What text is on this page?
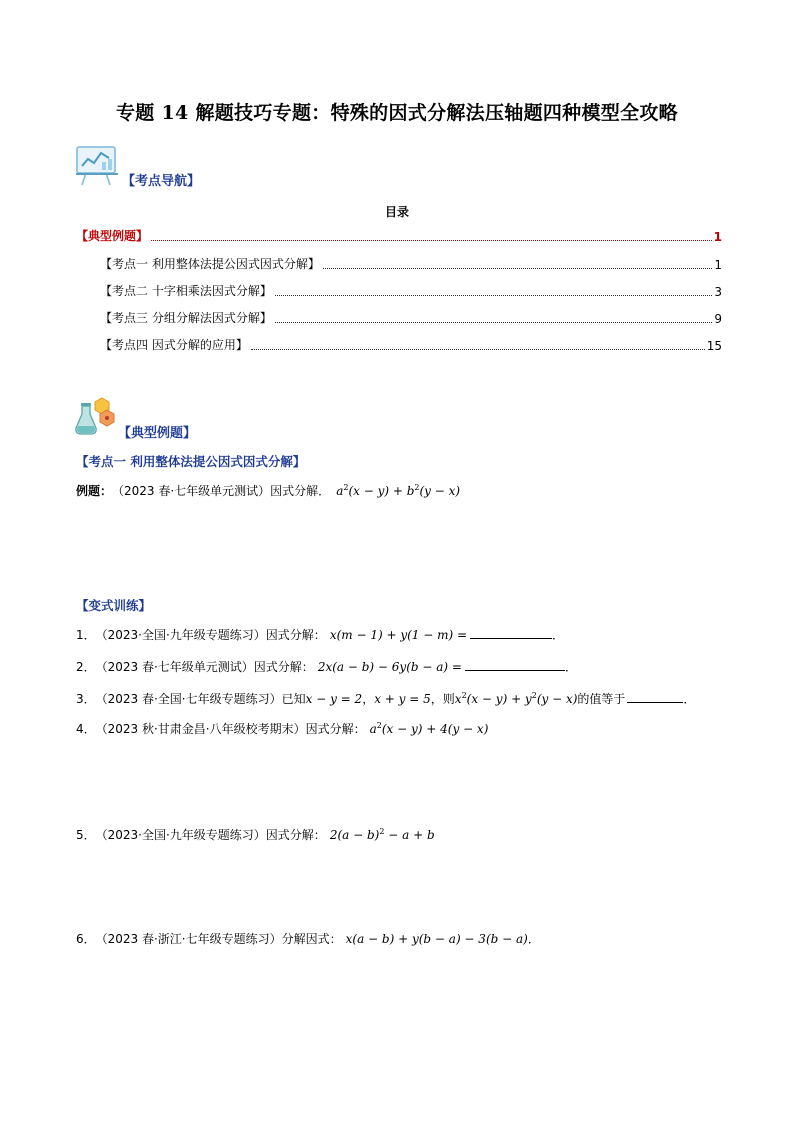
专题 14 解题技巧专题：特殊的因式分解法压轴题四种模型全攻略
【考点导航】
目录
【典型例题】	1
【考点一 利用整体法提公因式因式分解】	1
【考点二 十字相乘法因式分解】	3
【考点三 分组分解法因式分解】	9
【考点四 因式分解的应用】	15
【典型例题】
【考点一 利用整体法提公因式因式分解】
例题： （2023 春·七年级单元测试）因式分解． $a^2(x - y) + b^2(y - x)$
【变式训练】
1． （2023·全国·九年级专题练习）因式分解： x(m − 1) + y(1 − m) =	．
2． （2023 春·七年级单元测试）因式分解： 2x(a − b) − 6y(b − a) =	．
3． （2023 春·全国·七年级专题练习）已知 x − y = 2 ， x + y = 5 ，则 $x^2(x - y) + y^2(y - x)$ 的值等于	．
4． （2023 秋·甘肃金昌·八年级校考期末）因式分解： $a^2(x - y) + 4(y - x)$
5． （2023·全国·九年级专题练习）因式分解： $2(a - b)^2 - a + b$
6． （2023 春·浙江·七年级专题练习）分解因式： x(a − b) + y(b − a) − 3(b − a) ．
